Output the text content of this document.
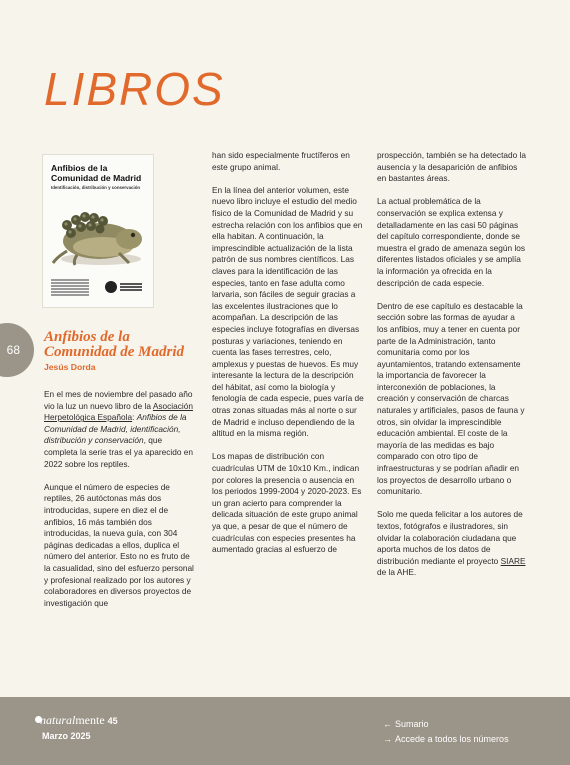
LIBROS
68

Anfibios de la
Comunidad de Madrid

Identificación, distribución y conservación

Anfibios de la
Comunidad de Madrid

Jesús Dorda

En el mes de noviembre del pasado año vio la luz un nuevo libro de la Asociación Herpetológica Española: Anfibios de la Comunidad de Madrid, identificación, distribución y conservación, que completa la serie tras el ya aparecido en 2022 sobre los reptiles.

Aunque el número de especies de reptiles, 26 autóctonas más dos introducidas, supere en diez el de anfibios, 16 más también dos introducidas, la nueva guía, con 304 páginas dedicadas a ellos, duplica el número del anterior. Esto no es fruto de la casualidad, sino del esfuerzo personal y profesional realizado por los autores y colaboradores en diversos proyectos de investigación que

han sido especialmente fructíferos en este grupo animal.

En la línea del anterior volumen, este nuevo libro incluye el estudio del medio físico de la Comunidad de Madrid y su estrecha relación con los anfibios que en ella habitan. A continuación, la imprescindible actualización de la lista patrón de sus nombres científicos. Las claves para la identificación de las especies, tanto en fase adulta como larvaria, son fáciles de seguir gracias a las excelentes ilustraciones que lo acompañan. La descripción de las especies incluye fotografías en diversas posturas y variaciones, teniendo en cuenta las fases terrestres, celo, amplexus y puestas de huevos. Es muy interesante la lectura de la descripción del hábitat, así como la biología y fenología de cada especie, pues varía de otras zonas situadas más al norte o sur de Madrid e incluso dependiendo de la altitud en la misma región.

Los mapas de distribución con cuadrículas UTM de 10x10 Km., indican por colores la presencia o ausencia en los periodos 1999-2004 y 2020-2023. Es un gran acierto para comprender la delicada situación de este grupo animal ya que, a pesar de que el número de cuadrículas con especies presentes ha aumentado gracias al esfuerzo de

prospección, también se ha detectado la ausencia y la desaparición de anfibios en bastantes áreas.

La actual problemática de la conservación se explica extensa y detalladamente en las casi 50 páginas del capítulo correspondiente, donde se muestra el grado de amenaza según los diferentes listados oficiales y se amplía la información ya ofrecida en la descripción de cada especie.

Dentro de ese capítulo es destacable la sección sobre las formas de ayudar a los anfibios, muy a tener en cuenta por parte de la Administración, tanto comunitaria como por los ayuntamientos, tratando extensamente la importancia de favorecer la interconexión de poblaciones, la creación y conservación de charcas naturales y artificiales, pasos de fauna y otros, sin olvidar la imprescindible educación ambiental. El coste de la mayoría de las medidas es bajo comparado con otro tipo de infraestructuras y se podrían añadir en los proyectos de desarrollo urbano o comunitario.

Solo me queda felicitar a los autores de textos, fotógrafos e ilustradores, sin olvidar la colaboración ciudadana que aporta muchos de los datos de distribución mediante el proyecto SIARE de la AHE.

naturalmente 45
Marzo 2025
← Sumario
→ Accede a todos los números
